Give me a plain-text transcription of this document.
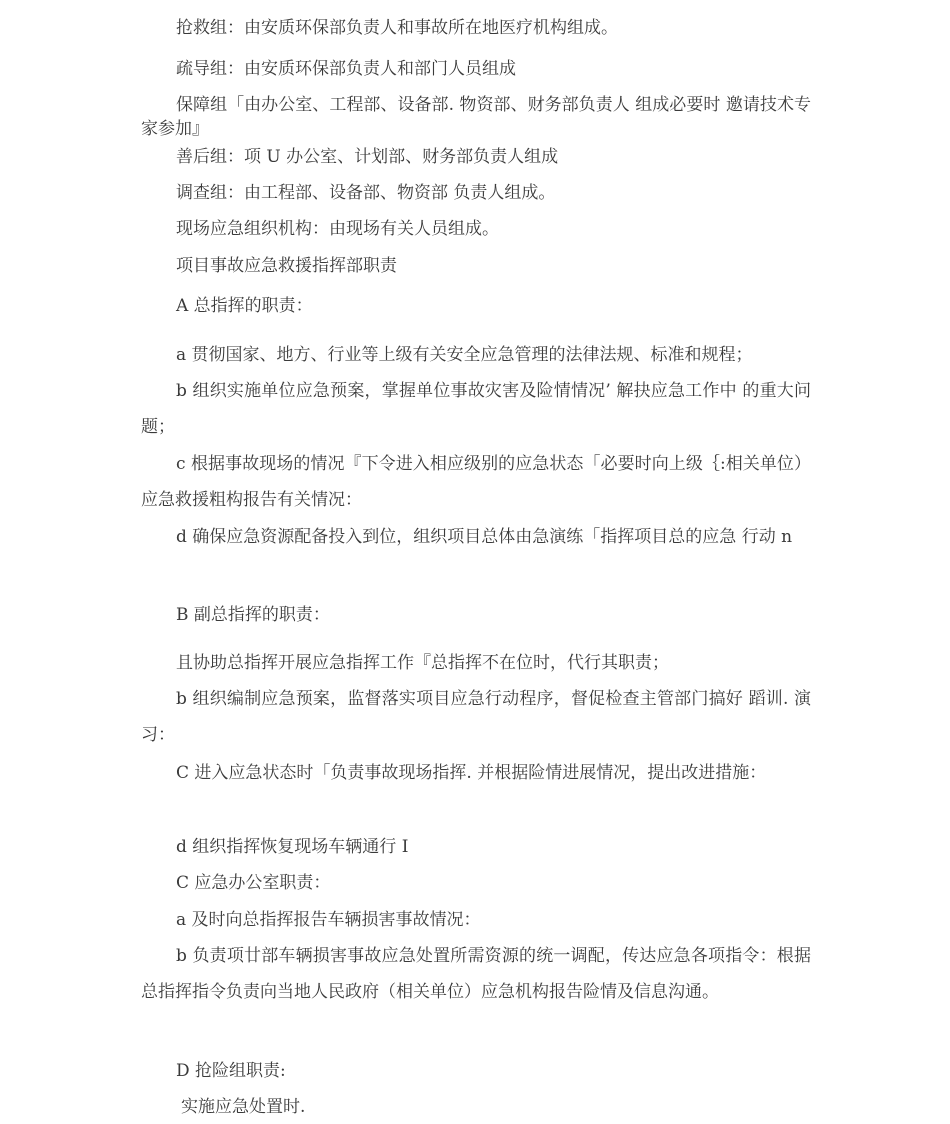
抢救组：由安质环保部负责人和事故所在地医疗机构组成。

疏导组：由安质环保部负责人和部门人员组成

保障组「由办公室、工程部、设备部. 物资部、财务部负责人 组成必要时 邀请技术专家参加』

善后组：项 U 办公室、计划部、财务部负责人组成

调查组：由工程部、设备部、物资部 负责人组成。

现场应急组织机构：由现场有关人员组成。

项目事故应急救援指挥部职责

A 总指挥的职责：

a 贯彻国家、地方、行业等上级有关安全应急管理的法律法规、标准和规程；

b 组织实施单位应急预案，掌握单位事故灾害及险情情况’ 解抉应急工作中 的重大问题；

c 根据事故现场的情况『下令进入相应级别的应急状态「必要时向上级｛:相关单位）应急救援粗构报告有关情况：

d 确保应急资源配备投入到位，组织项目总体由急演练「指挥项目总的应急 行动 n

B 副总指挥的职责：

且协助总指挥开展应急指挥工作『总指挥不在位时，代行其职责；

b 组织编制应急预案，监督落实项目应急行动程序，督促检查主管部门搞好 蹈训. 演习：

C 进入应急状态时「负责事故现场指挥. 并根据险情进展情况，提出改进措施：

d 组织指挥恢复现场车辆通行 I

C 应急办公室职责：

a 及时向总指挥报告车辆损害事故情况：

b 负责项廿部车辆损害事故应急处置所需资源的统一调配，传达应急各项指令：根据总指挥指令负责向当地人民政府（相关单位）应急机构报告险情及信息沟通。

D 抢险组职责:

实施应急处置时.
